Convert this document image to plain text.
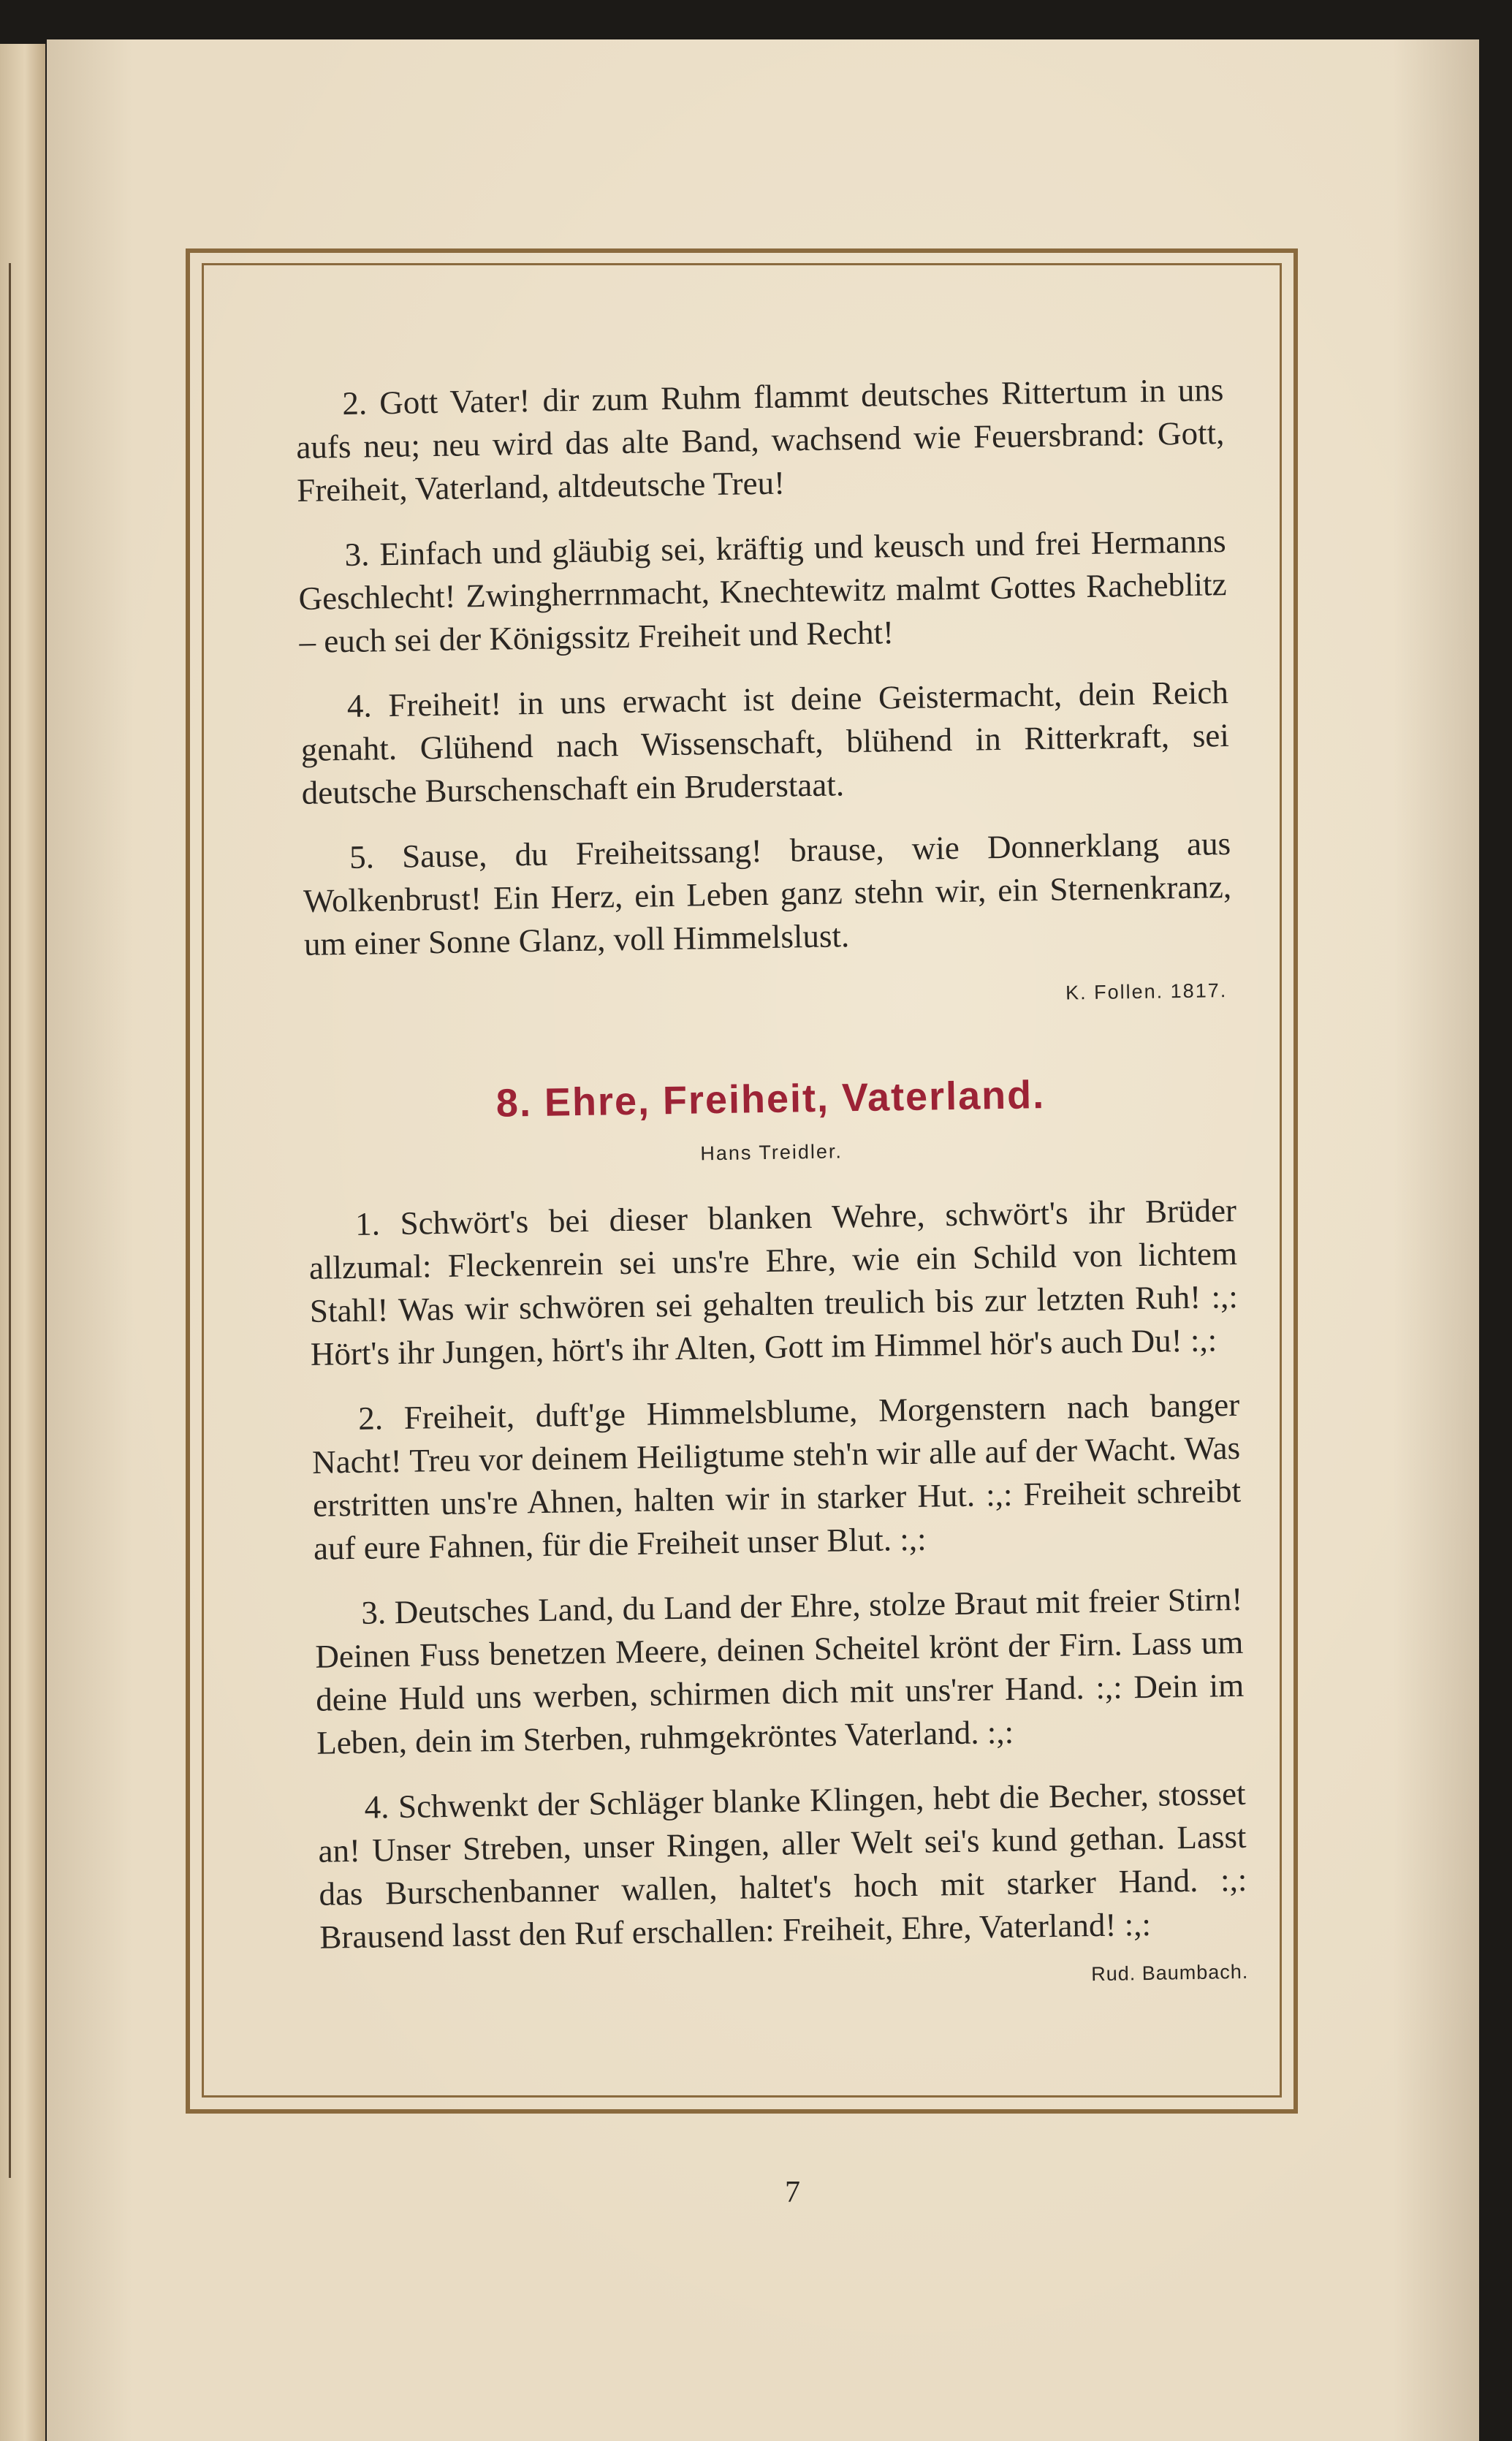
2. Gott Vater! dir zum Ruhm flammt deutsches Rittertum in uns aufs neu; neu wird das alte Band, wachsend wie Feuersbrand: Gott, Freiheit, Vaterland, altdeutsche Treu!

3. Einfach und gläubig sei, kräftig und keusch und frei Hermanns Geschlecht! Zwingherrnmacht, Knechtewitz malmt Gottes Racheblitz – euch sei der Königssitz Freiheit und Recht!

4. Freiheit! in uns erwacht ist deine Geistermacht, dein Reich genaht. Glühend nach Wissenschaft, blühend in Ritterkraft, sei deutsche Burschenschaft ein Bruderstaat.

5. Sause, du Freiheitssang! brause, wie Donnerklang aus Wolkenbrust! Ein Herz, ein Leben ganz stehn wir, ein Sternenkranz, um einer Sonne Glanz, voll Himmelslust.

K. Follen. 1817.
8. Ehre, Freiheit, Vaterland.
Hans Treidler.

1. Schwört's bei dieser blanken Wehre, schwört's ihr Brüder allzumal: Fleckenrein sei uns're Ehre, wie ein Schild von lichtem Stahl! Was wir schwören sei gehalten treulich bis zur letzten Ruh! :,: Hört's ihr Jungen, hört's ihr Alten, Gott im Himmel hör's auch Du! :,:

2. Freiheit, duft'ge Himmelsblume, Morgenstern nach banger Nacht! Treu vor deinem Heiligtume steh'n wir alle auf der Wacht. Was erstritten uns're Ahnen, halten wir in starker Hut. :,: Freiheit schreibt auf eure Fahnen, für die Freiheit unser Blut. :,:

3. Deutsches Land, du Land der Ehre, stolze Braut mit freier Stirn! Deinen Fuss benetzen Meere, deinen Scheitel krönt der Firn. Lass um deine Huld uns werben, schirmen dich mit uns'rer Hand. :,: Dein im Leben, dein im Sterben, ruhmgekröntes Vaterland. :,:

4. Schwenkt der Schläger blanke Klingen, hebt die Becher, stosset an! Unser Streben, unser Ringen, aller Welt sei's kund gethan. Lasst das Burschenbanner wallen, haltet's hoch mit starker Hand. :,: Brausend lasst den Ruf erschallen: Freiheit, Ehre, Vaterland! :,:
Rud. Baumbach.

7
